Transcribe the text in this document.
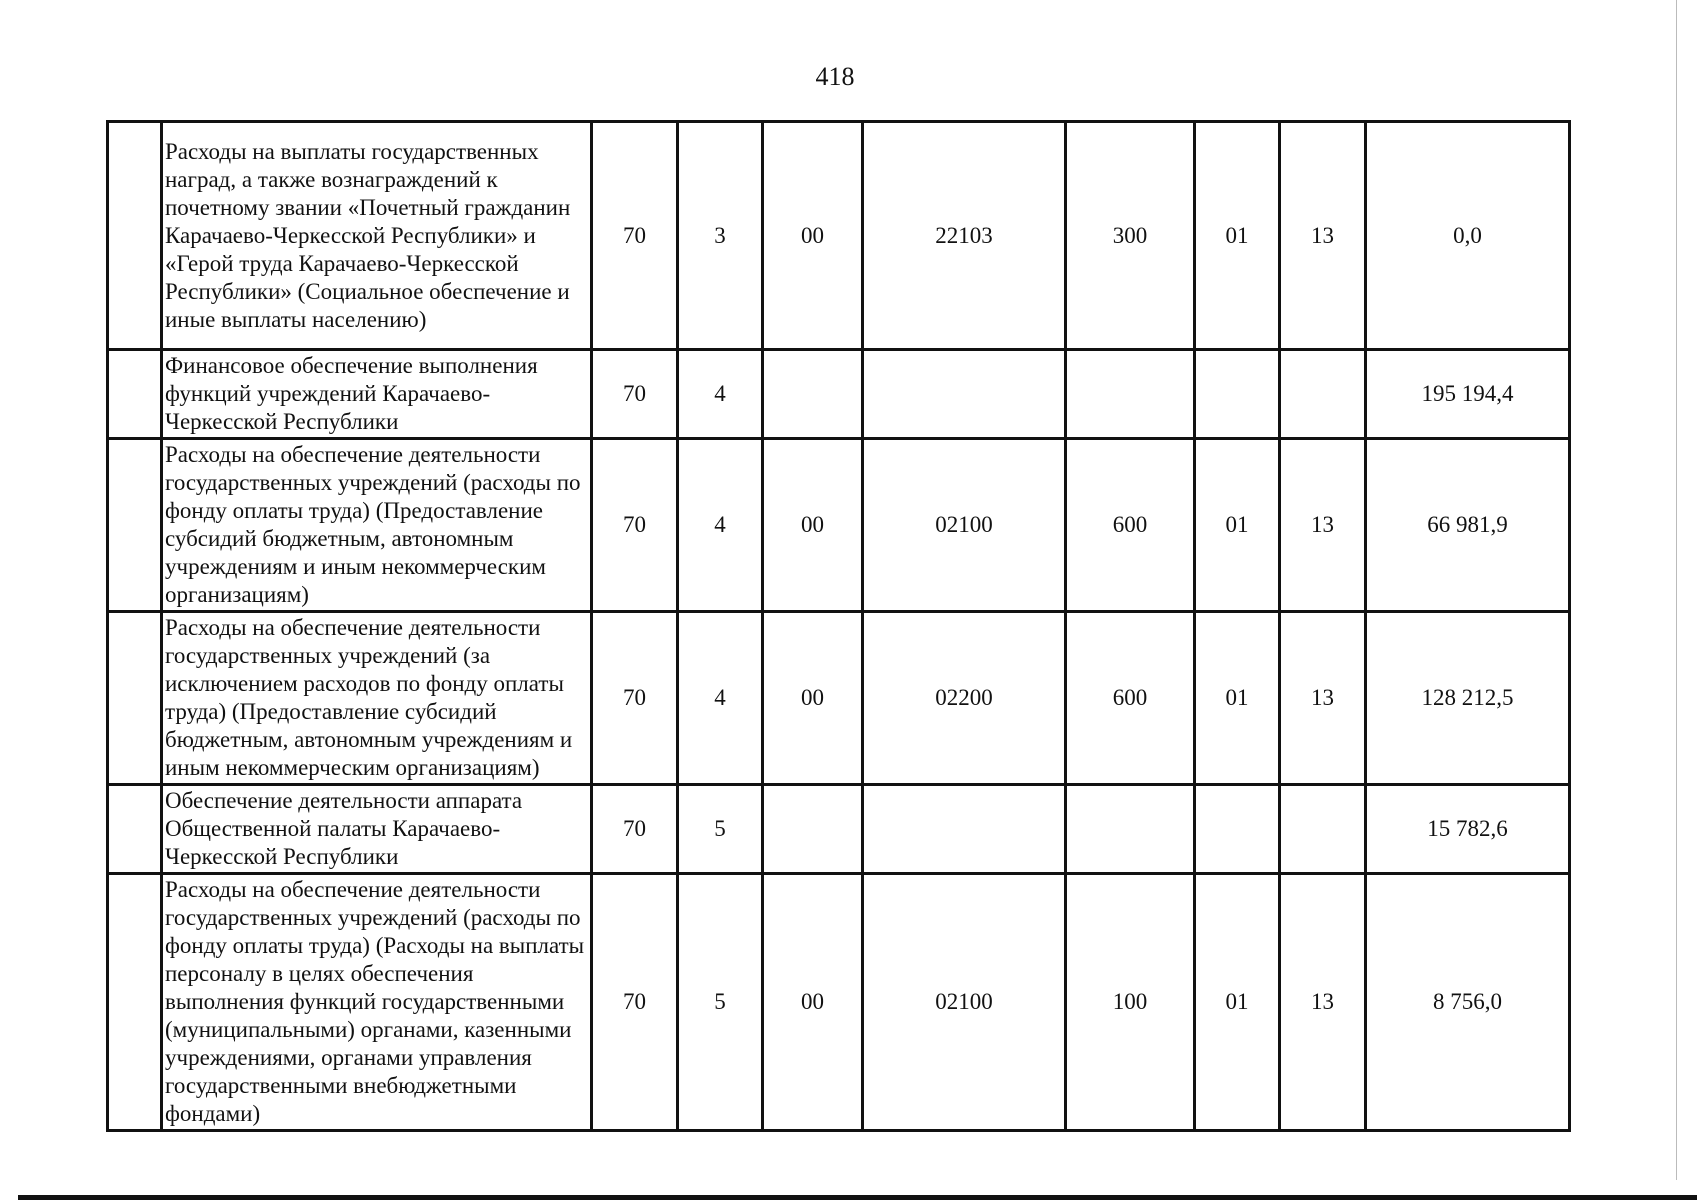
418
	Расходы на выплаты государственных наград, а также вознаграждений к почетному звании «Почетный гражданин Карачаево-Черкесской Республики» и «Герой труда Карачаево-Черкесской Республики» (Социальное обеспечение и иные выплаты населению)	70	3	00	22103	300	01	13	0,0
	Финансовое обеспечение выполнения функций учреждений Карачаево-Черкесской Республики	70	4						195 194,4
	Расходы на обеспечение деятельности государственных учреждений (расходы по фонду оплаты труда) (Предоставление субсидий бюджетным, автономным учреждениям и иным некоммерческим организациям)	70	4	00	02100	600	01	13	66 981,9
	Расходы на обеспечение деятельности государственных учреждений (за исключением расходов по фонду оплаты труда) (Предоставление субсидий бюджетным, автономным учреждениям и иным некоммерческим организациям)	70	4	00	02200	600	01	13	128 212,5
	Обеспечение деятельности аппарата Общественной палаты Карачаево-Черкесской Республики	70	5						15 782,6
	Расходы на обеспечение деятельности государственных учреждений (расходы по фонду оплаты труда) (Расходы на выплаты персоналу в целях обеспечения выполнения функций государственными (муниципальными) органами, казенными учреждениями, органами управления государственными внебюджетными фондами)	70	5	00	02100	100	01	13	8 756,0
